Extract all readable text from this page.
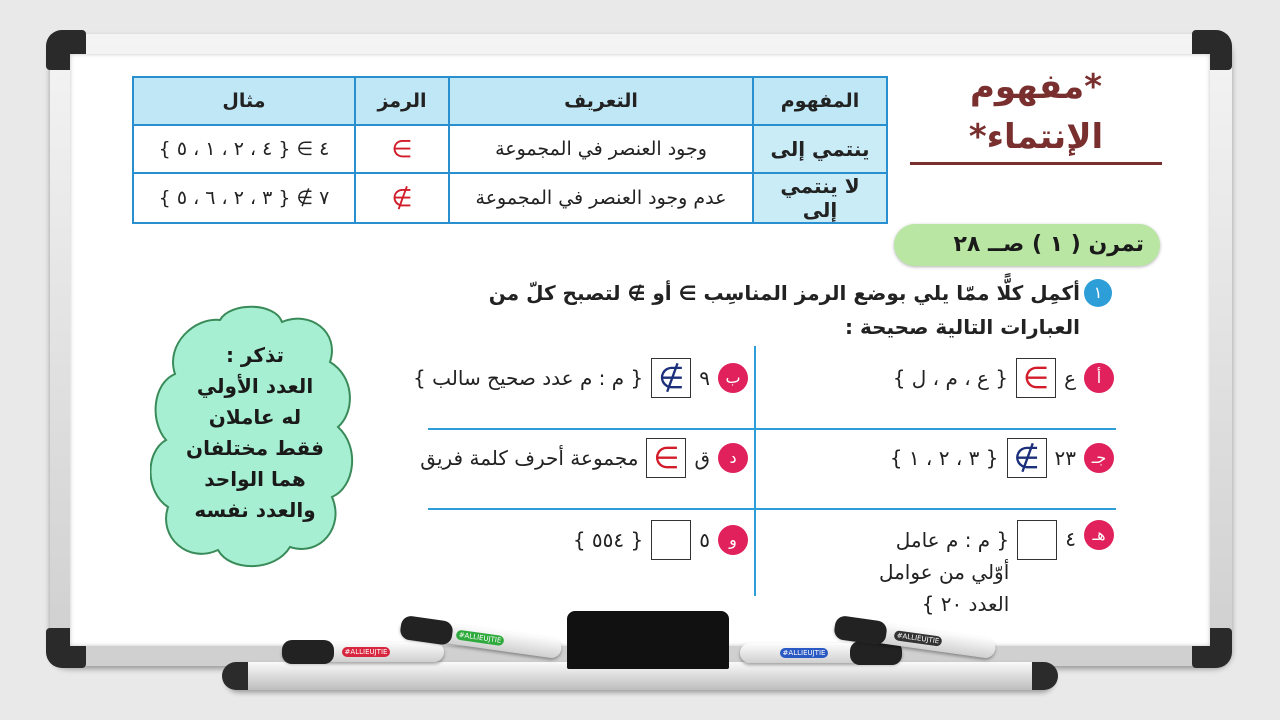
*مفهوم الإنتماء*
المفهوم	التعريف	الرمز	مثال
ينتمي إلى	وجود العنصر في المجموعة	∋	٤ ∋ { ٤ ، ٢ ، ١ ، ٥ }
لا ينتمي إلى	عدم وجود العنصر في المجموعة	∌	٧ ∌ { ٣ ، ٢ ، ٦ ، ٥ }
تمرن ( ١ ) صــ ٢٨
١
أكمِل كلًّا ممّا يلي بوضع الرمز المناسِب ∋ أو ∌ لتصبح كلّ من العبارات التالية صحيحة :
أ
ع
∋
{ ع ، م ، ل }
ب
٩
∌
{ م : م عدد صحيح سالب }
جـ
٢٣
∌
{ ٣ ، ٢ ، ١ }
د
ق
∋
مجموعة أحرف كلمة فريق
هـ
٤
{ م : م عامل أوّلي من عوامل العدد ٢٠ }
و
٥
{ ٥٥٤ }
تذكر :
العدد الأولي
له عاملان
فقط مختلفان
هما الواحد
والعدد نفسه
#ALLIEUJTIE
#ALLIEUJTIE
#ALLIEUJTIE
#ALLIEUJTIE
